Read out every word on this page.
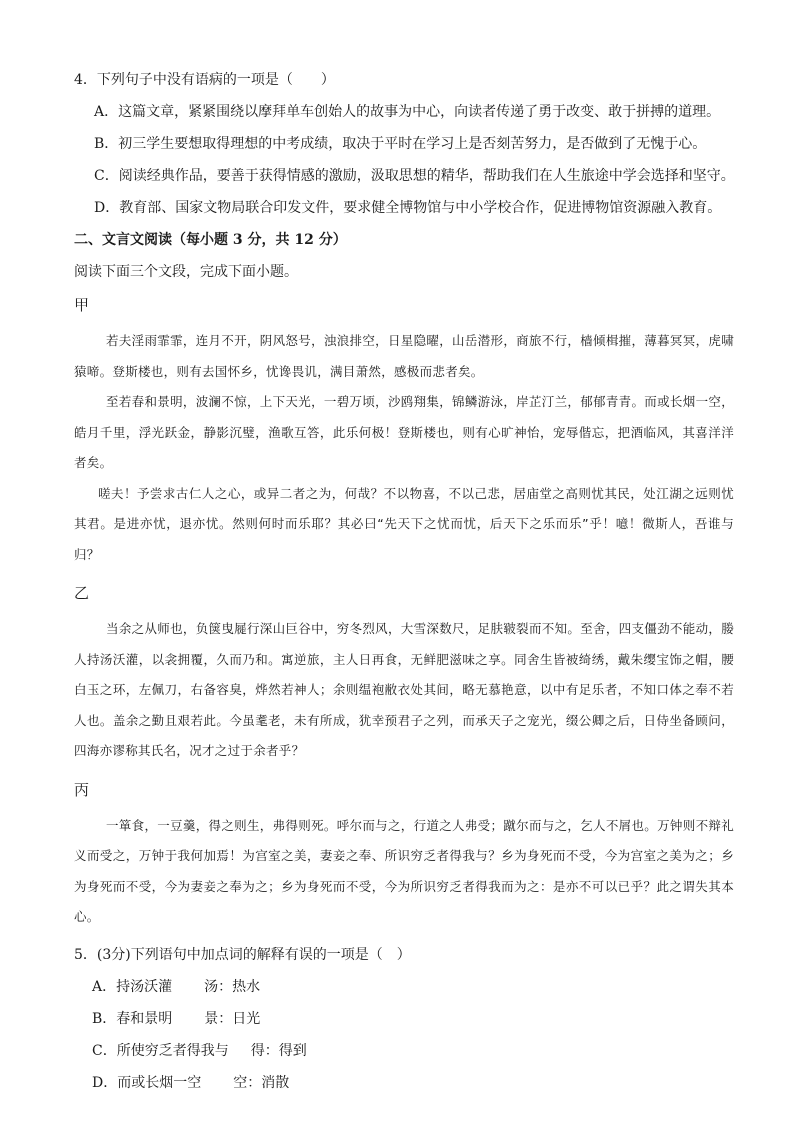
4．下列句子中没有语病的一项是（　　）
A．这篇文章，紧紧围绕以摩拜单车创始人的故事为中心，向读者传递了勇于改变、敢于拼搏的道理。
B．初三学生要想取得理想的中考成绩，取决于平时在学习上是否刻苦努力，是否做到了无愧于心。
C．阅读经典作品，要善于获得情感的激励，汲取思想的精华，帮助我们在人生旅途中学会选择和坚守。
D．教育部、国家文物局联合印发文件，要求健全博物馆与中小学校合作，促进博物馆资源融入教育。
二、文言文阅读（每小题 3 分，共 12 分）
阅读下面三个文段，完成下面小题。
甲

若夫淫雨霏霏，连月不开，阴风怒号，浊浪排空，日星隐曜，山岳潜形，商旅不行，樯倾楫摧，薄暮冥冥，虎啸猿啼。登斯楼也，则有去国怀乡，忧谗畏讥，满目萧然，感极而悲者矣。

至若春和景明，波澜不惊，上下天光，一碧万顷，沙鸥翔集，锦鳞游泳，岸芷汀兰，郁郁青青。而或长烟一空，皓月千里，浮光跃金，静影沉璧，渔歌互答，此乐何极！登斯楼也，则有心旷神怡，宠辱偕忘，把酒临风，其喜洋洋者矣。

嗟夫！予尝求古仁人之心，或异二者之为，何哉？不以物喜，不以己悲，居庙堂之高则忧其民，处江湖之远则忧其君。是进亦忧，退亦忧。然则何时而乐耶？其必曰“先天下之忧而忧，后天下之乐而乐”乎！噫！微斯人，吾谁与归？

乙

当余之从师也，负箧曳屣行深山巨谷中，穷冬烈风，大雪深数尺，足肤皲裂而不知。至舍，四支僵劲不能动，媵人持汤沃灌，以衾拥覆，久而乃和。寓逆旅，主人日再食，无鲜肥滋味之享。同舍生皆被绮绣，戴朱缨宝饰之帽，腰白玉之环，左佩刀，右备容臭，烨然若神人；余则缊袍敝衣处其间，略无慕艳意，以中有足乐者，不知口体之奉不若人也。盖余之勤且艰若此。今虽耄老，未有所成，犹幸预君子之列，而承天子之宠光，缀公卿之后，日侍坐备顾问，四海亦谬称其氏名，况才之过于余者乎？

丙

一箪食，一豆羹，得之则生，弗得则死。呼尔而与之，行道之人弗受；蹴尔而与之，乞人不屑也。万钟则不辩礼义而受之，万钟于我何加焉！为宫室之美，妻妾之奉、所识穷乏者得我与？乡为身死而不受，今为宫室之美为之；乡为身死而不受，今为妻妾之奉为之；乡为身死而不受，今为所识穷乏者得我而为之：是亦不可以已乎？此之谓失其本心。

5．(3分)下列语句中加点词的解释有误的一项是（　）
A．持汤沃灌 汤：热水
B．春和景明 景：日光
C．所使穷乏者得我与 得：得到
D．而或长烟一空 空：消散
